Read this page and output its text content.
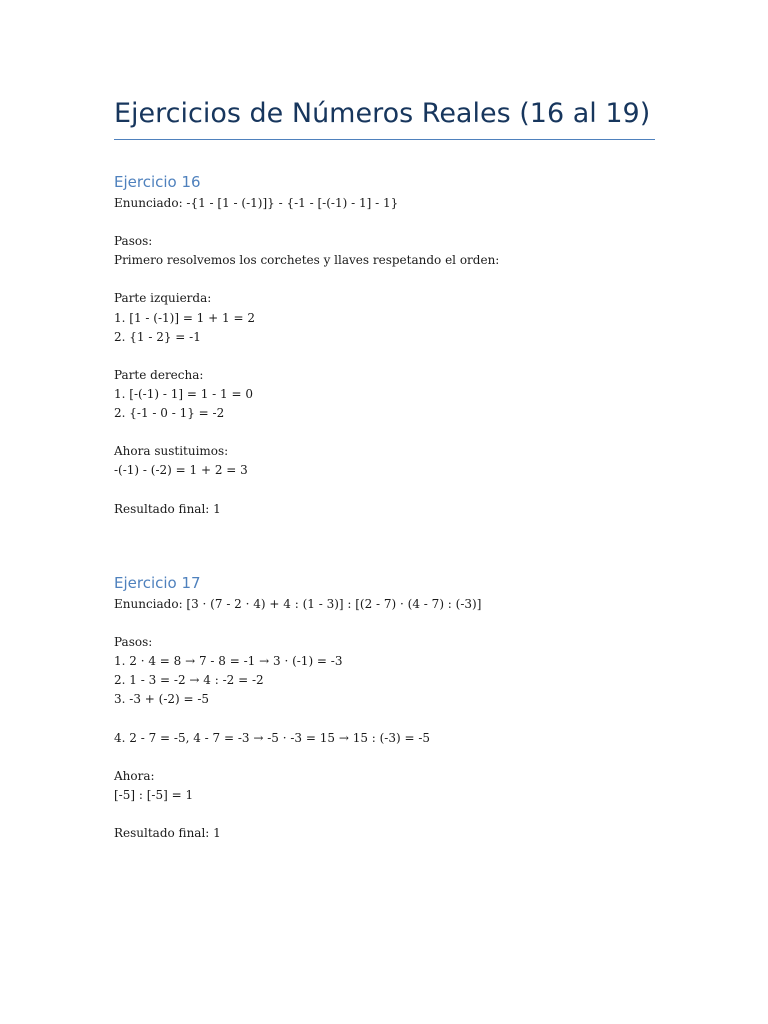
Ejercicios de Números Reales (16 al 19)
Ejercicio 16
Enunciado: -{1 - [1 - (-1)]} - {-1 - [-(-1) - 1] - 1}
Pasos:
Primero resolvemos los corchetes y llaves respetando el orden:
Parte izquierda:
1. [1 - (-1)] = 1 + 1 = 2
2. {1 - 2} = -1
Parte derecha:
1. [-(-1) - 1] = 1 - 1 = 0
2. {-1 - 0 - 1} = -2
Ahora sustituimos:
-(-1) - (-2) = 1 + 2 = 3
Resultado final: 1
Ejercicio 17
Enunciado: [3 · (7 - 2 · 4) + 4 : (1 - 3)] : [(2 - 7) · (4 - 7) : (-3)]
Pasos:
1. 2 · 4 = 8 → 7 - 8 = -1 → 3 · (-1) = -3
2. 1 - 3 = -2 → 4 : -2 = -2
3. -3 + (-2) = -5
4. 2 - 7 = -5, 4 - 7 = -3 → -5 · -3 = 15 → 15 : (-3) = -5
Ahora:
[-5] : [-5] = 1
Resultado final: 1
